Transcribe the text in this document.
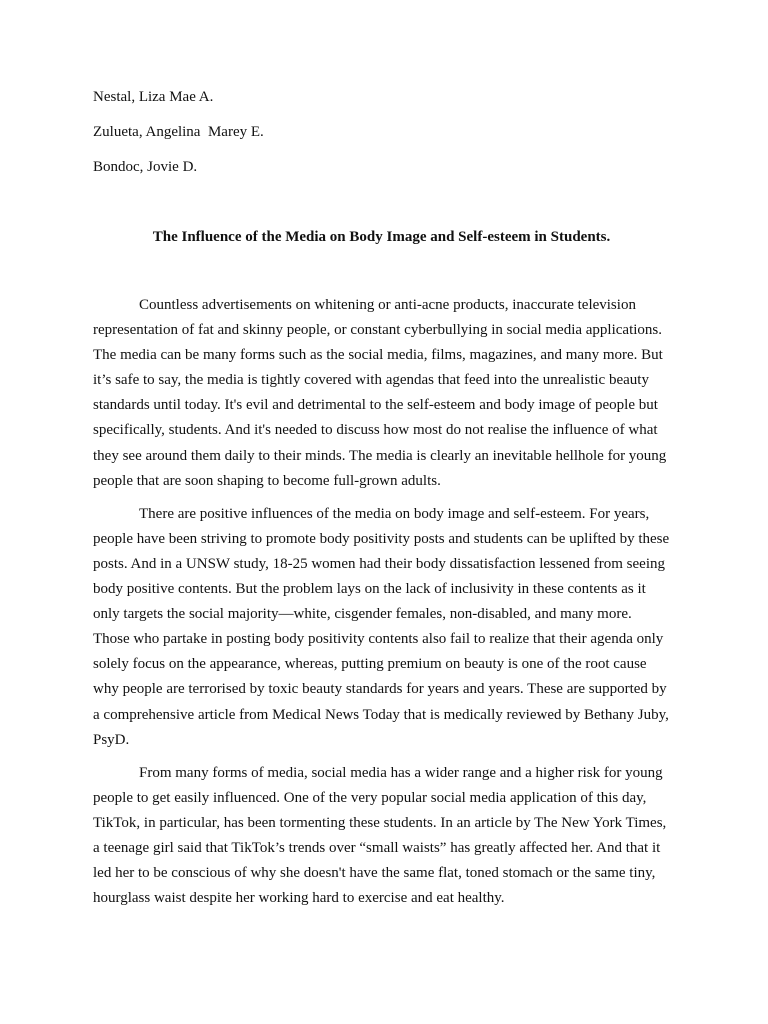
Nestal, Liza Mae A.
Zulueta, Angelina  Marey E.
Bondoc, Jovie D.
The Influence of the Media on Body Image and Self-esteem in Students.

Countless advertisements on whitening or anti-acne products, inaccurate television representation of fat and skinny people, or constant cyberbullying in social media applications. The media can be many forms such as the social media, films, magazines, and many more. But it’s safe to say, the media is tightly covered with agendas that feed into the unrealistic beauty standards until today. It's evil and detrimental to the self-esteem and body image of people but specifically, students. And it's needed to discuss how most do not realise the influence of what they see around them daily to their minds. The media is clearly an inevitable hellhole for young people that are soon shaping to become full-grown adults.

There are positive influences of the media on body image and self-esteem. For years, people have been striving to promote body positivity posts and students can be uplifted by these posts. And in a UNSW study, 18-25 women had their body dissatisfaction lessened from seeing body positive contents. But the problem lays on the lack of inclusivity in these contents as it only targets the social majority—white, cisgender females, non-disabled, and many more. Those who partake in posting body positivity contents also fail to realize that their agenda only solely focus on the appearance, whereas, putting premium on beauty is one of the root cause why people are terrorised by toxic beauty standards for years and years. These are supported by a comprehensive article from Medical News Today that is medically reviewed by Bethany Juby, PsyD.

From many forms of media, social media has a wider range and a higher risk for young people to get easily influenced. One of the very popular social media application of this day, TikTok, in particular, has been tormenting these students. In an article by The New York Times, a teenage girl said that TikTok’s trends over “small waists” has greatly affected her. And that it led her to be conscious of why she doesn't have the same flat, toned stomach or the same tiny, hourglass waist despite her working hard to exercise and eat healthy.
